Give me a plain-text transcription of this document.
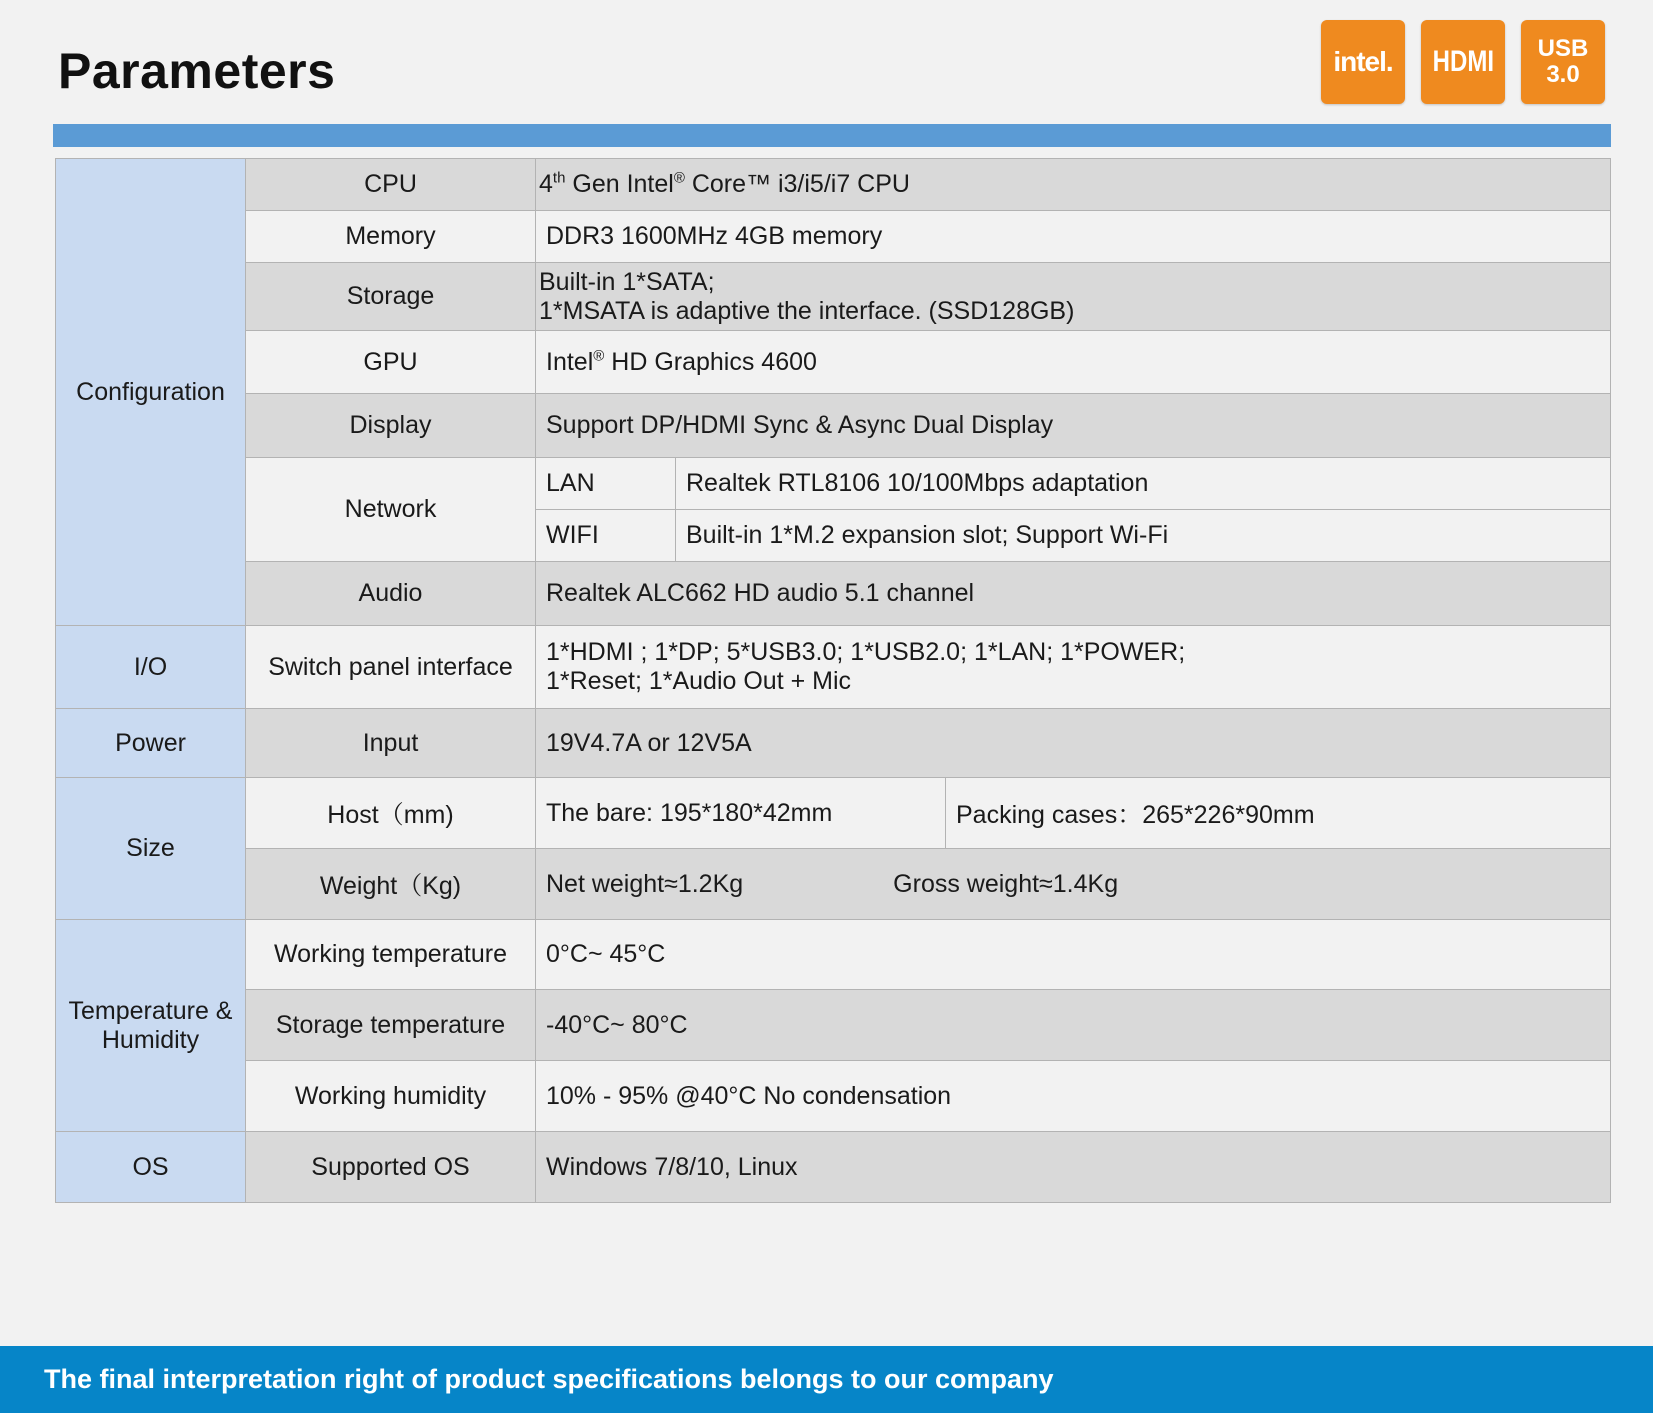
Parameters	intel. HDMI USB
3.0
Configuration	CPU	4th Gen Intel® Core™ i3/i5/i7 CPU		
	Memory	DDR3 1600MHz 4GB memory		
	Storage	Built-in 1*SATA;
1*MSATA is adaptive the interface. (SSD128GB)		

	GPU	Intel® HD Graphics 4600		
	Display	Support DP/HDMI Sync & Async Dual Display		
	Network	LAN	Realtek RTL8106 10/100Mbps adaptation	
		WIFI	Built-in 1*M.2 expansion slot; Support Wi-Fi	
	Audio	Realtek ALC662 HD audio 5.1 channel		
I/O	Switch panel interface	1*HDMI ; 1*DP; 5*USB3.0; 1*USB2.0; 1*LAN; 1*POWER;
1*Reset; 1*Audio Out + Mic		

Power	Input	19V4.7A or 12V5A		
Size	Host（mm)	The bare: 195*180*42mm		Packing cases：265*226*90mm
	Weight（Kg)	Net weight≈1.2Kg Gross weight≈1.4Kg		

Temperature &
Humidity	Working temperature	0°C~ 45°C		
	Storage temperature	-40°C~ 80°C		
	Working humidity	10% - 95% @40°C No condensation		
OS	Supported OS	Windows 7/8/10, Linux		
The final interpretation right of product specifications belongs to our company
